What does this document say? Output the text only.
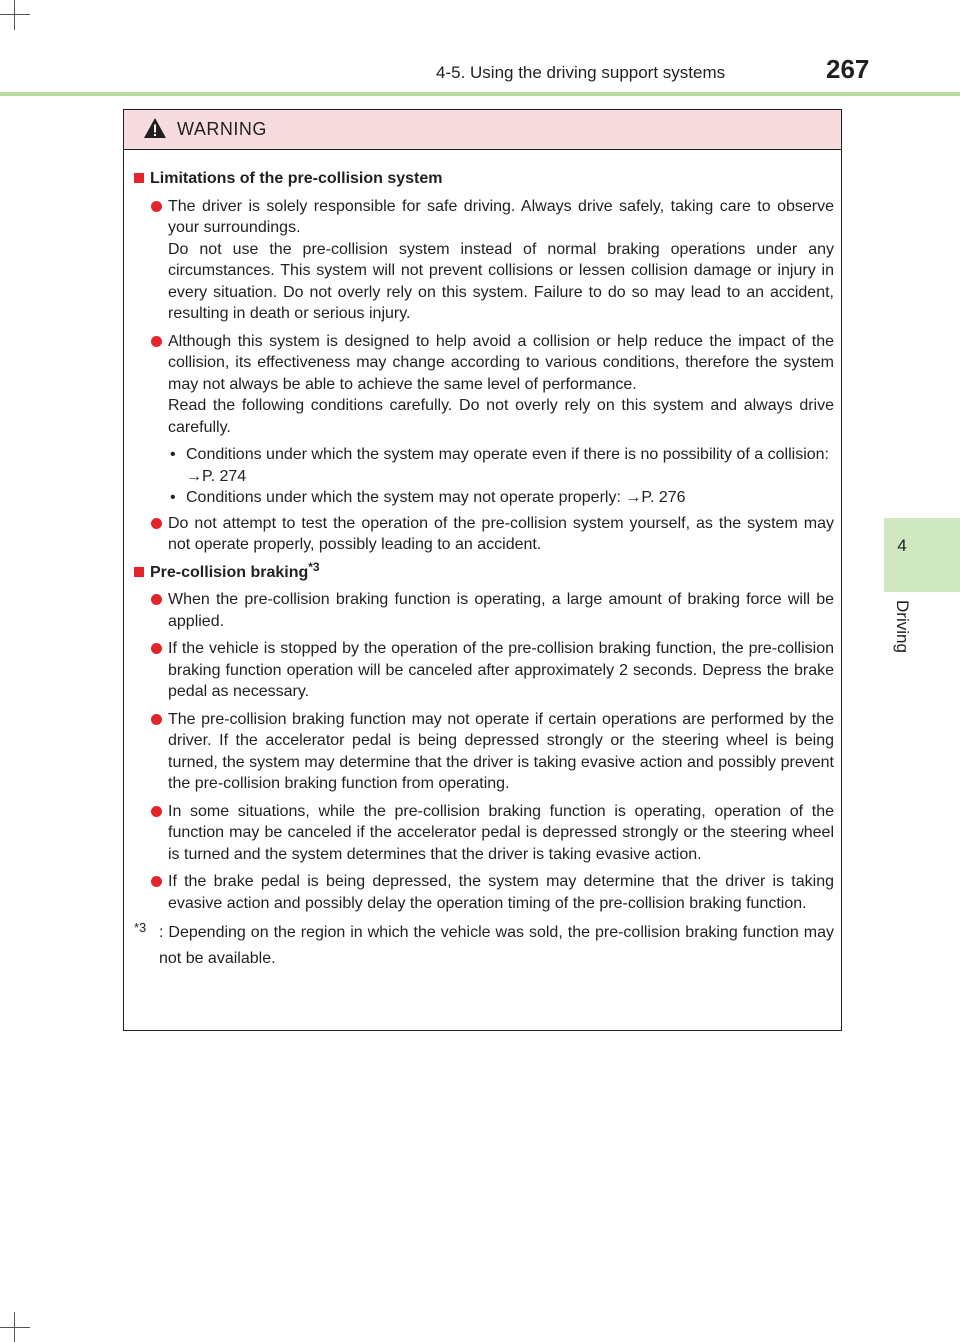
4-5. Using the driving support systems	267
4
Driving
WARNING
Limitations of the pre-collision system
The driver is solely responsible for safe driving. Always drive safely, taking care to observe your surroundings.
Do not use the pre-collision system instead of normal braking operations under any circumstances. This system will not prevent collisions or lessen collision damage or injury in every situation. Do not overly rely on this system. Failure to do so may lead to an accident, resulting in death or serious injury.
Although this system is designed to help avoid a collision or help reduce the impact of the collision, its effectiveness may change according to various conditions, therefore the system may not always be able to achieve the same level of performance.
Read the following conditions carefully. Do not overly rely on this system and always drive carefully.
• Conditions under which the system may operate even if there is no possibility of a collision: →P. 274
• Conditions under which the system may not operate properly: →P. 276
Do not attempt to test the operation of the pre-collision system yourself, as the system may not operate properly, possibly leading to an accident.
Pre-collision braking$^{*3}$
When the pre-collision braking function is operating, a large amount of braking force will be applied.
If the vehicle is stopped by the operation of the pre-collision braking function, the pre-collision braking function operation will be canceled after approximately 2 seconds. Depress the brake pedal as necessary.
The pre-collision braking function may not operate if certain operations are performed by the driver. If the accelerator pedal is being depressed strongly or the steering wheel is being turned, the system may determine that the driver is taking evasive action and possibly prevent the pre-collision braking function from operating.
In some situations, while the pre-collision braking function is operating, operation of the function may be canceled if the accelerator pedal is depressed strongly or the steering wheel is turned and the system determines that the driver is taking evasive action.
If the brake pedal is being depressed, the system may determine that the driver is taking evasive action and possibly delay the operation timing of the pre-collision braking function.
$^{*3}$ : Depending on the region in which the vehicle was sold, the pre-collision braking function may not be available.
